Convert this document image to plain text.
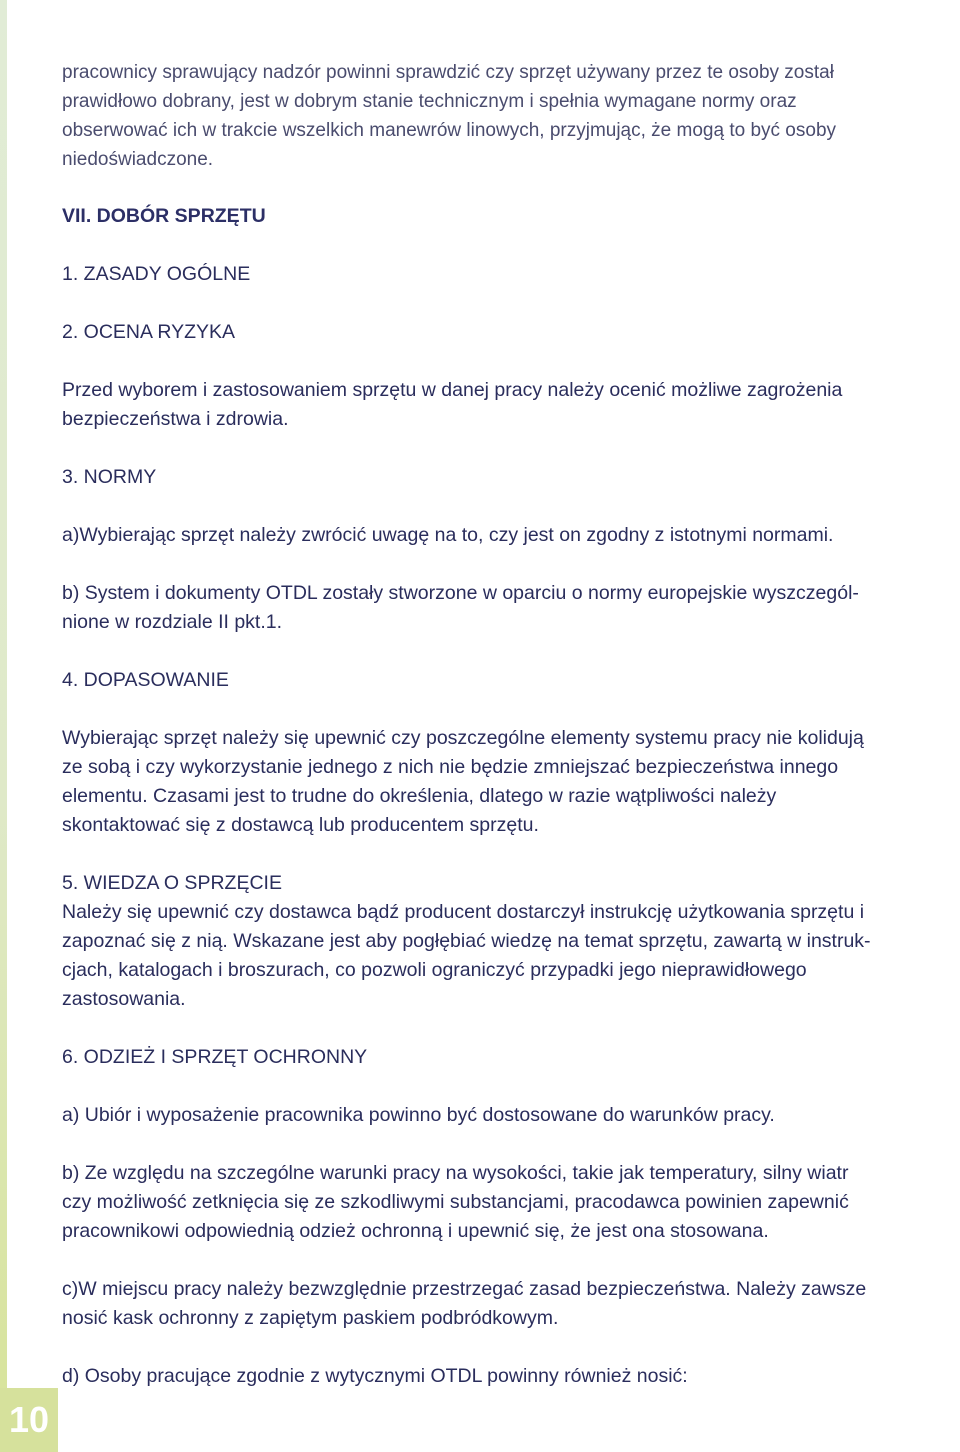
10
pracownicy sprawujący nadzór powinni sprawdzić czy sprzęt używany przez te osoby został
prawidłowo dobrany, jest w dobrym stanie technicznym i spełnia wymagane normy oraz
obserwować ich w trakcie wszelkich manewrów linowych, przyjmując, że mogą to być osoby
niedoświadczone.
VII. DOBÓR SPRZĘTU
1. ZASADY OGÓLNE
2. OCENA RYZYKA
Przed wyborem i zastosowaniem sprzętu w danej pracy należy ocenić możliwe zagrożenia
bezpieczeństwa i zdrowia.
3. NORMY
a)Wybierając sprzęt należy zwrócić uwagę na to, czy jest on zgodny z istotnymi normami.
b) System i dokumenty OTDL zostały stworzone w oparciu o normy europejskie wyszczegól-
nione w rozdziale II pkt.1.
4. DOPASOWANIE
Wybierając sprzęt należy się upewnić czy poszczególne elementy systemu pracy nie kolidują
ze sobą i czy wykorzystanie jednego z nich nie będzie zmniejszać bezpieczeństwa innego
elementu. Czasami jest to trudne do określenia, dlatego w razie wątpliwości należy
skontaktować się z dostawcą lub producentem sprzętu.
5. WIEDZA O SPRZĘCIE
Należy się upewnić czy dostawca bądź producent dostarczył instrukcję użytkowania sprzętu i
zapoznać się z nią. Wskazane jest aby pogłębiać wiedzę na temat sprzętu, zawartą w instruk-
cjach, katalogach i broszurach, co pozwoli ograniczyć przypadki jego nieprawidłowego
zastosowania.
6. ODZIEŻ I SPRZĘT OCHRONNY
a) Ubiór i wyposażenie pracownika powinno być dostosowane do warunków pracy.
b) Ze względu na szczególne warunki pracy na wysokości, takie jak temperatury, silny wiatr
czy możliwość zetknięcia się ze szkodliwymi substancjami, pracodawca powinien zapewnić
pracownikowi odpowiednią odzież ochronną i upewnić się, że jest ona stosowana.
c)W miejscu pracy należy bezwzględnie przestrzegać zasad bezpieczeństwa. Należy zawsze
nosić kask ochronny z zapiętym paskiem podbródkowym.
d) Osoby pracujące zgodnie z wytycznymi OTDL powinny również nosić:
